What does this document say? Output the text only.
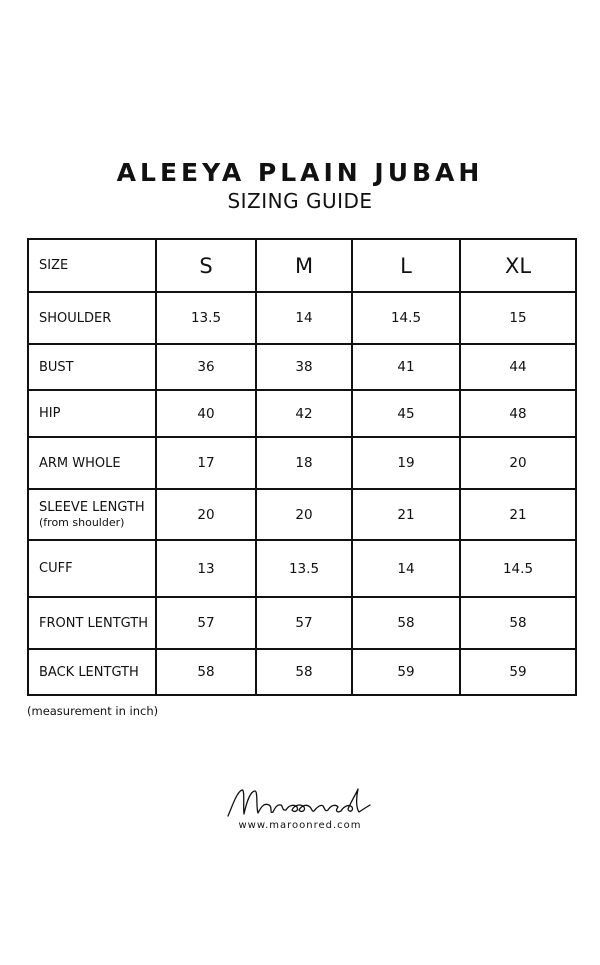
ALEEYA PLAIN JUBAH

SIZING GUIDE

SIZE	S	M	L	XL
SHOULDER	13.5	14	14.5	15
BUST	36	38	41	44
HIP	40	42	45	48
ARM WHOLE	17	18	19	20
SLEEVE LENGTH
(from shoulder)	20	20	21	21
CUFF	13	13.5	14	14.5
FRONT LENTGTH	57	57	58	58
BACK LENTGTH	58	58	59	59

(measurement in inch)

www.maroonred.com
